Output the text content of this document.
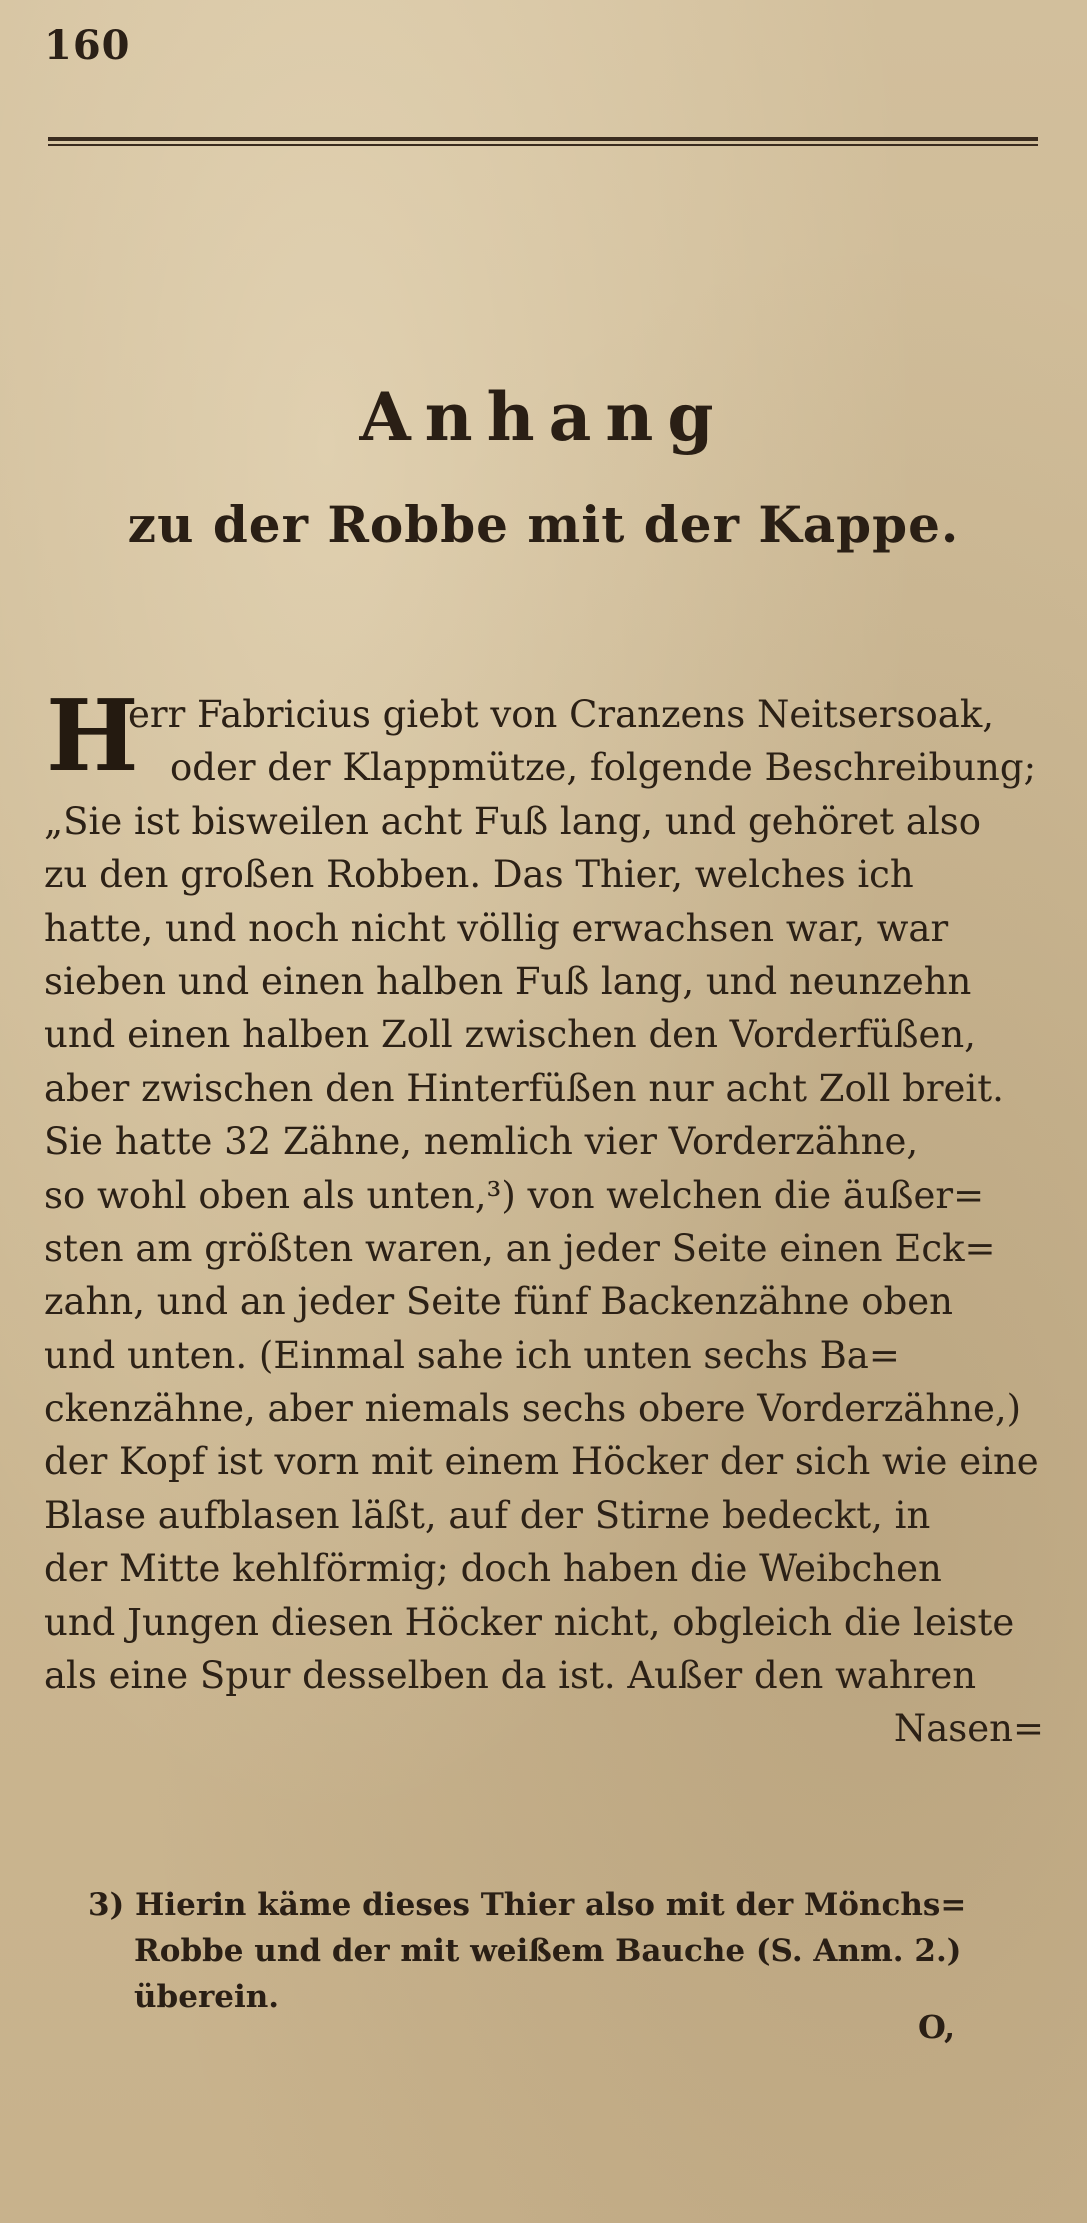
160
Anhang
zu der Robbe mit der Kappe.
H
err Fabricius giebt von Cranzens Neitsersoak,
oder der Klappmütze, folgende Beschreibung;
„Sie ist bisweilen acht Fuß lang, und gehöret also
zu den großen Robben. Das Thier, welches ich
hatte, und noch nicht völlig erwachsen war, war
sieben und einen halben Fuß lang, und neunzehn
und einen halben Zoll zwischen den Vorderfüßen,
aber zwischen den Hinterfüßen nur acht Zoll breit.
Sie hatte 32 Zähne, nemlich vier Vorderzähne,
so wohl oben als unten,³) von welchen die äußer=
sten am größten waren, an jeder Seite einen Eck=
zahn, und an jeder Seite fünf Backenzähne oben
und unten. (Einmal sahe ich unten sechs Ba=
ckenzähne, aber niemals sechs obere Vorderzähne,)
der Kopf ist vorn mit einem Höcker der sich wie eine
Blase aufblasen läßt, auf der Stirne bedeckt, in
der Mitte kehlförmig; doch haben die Weibchen
und Jungen diesen Höcker nicht, obgleich die leiste
als eine Spur desselben da ist. Außer den wahren
Nasen=
3) Hierin käme dieses Thier also mit der Mönchs=
Robbe und der mit weißem Bauche (S. Anm. 2.)
überein.
O,
